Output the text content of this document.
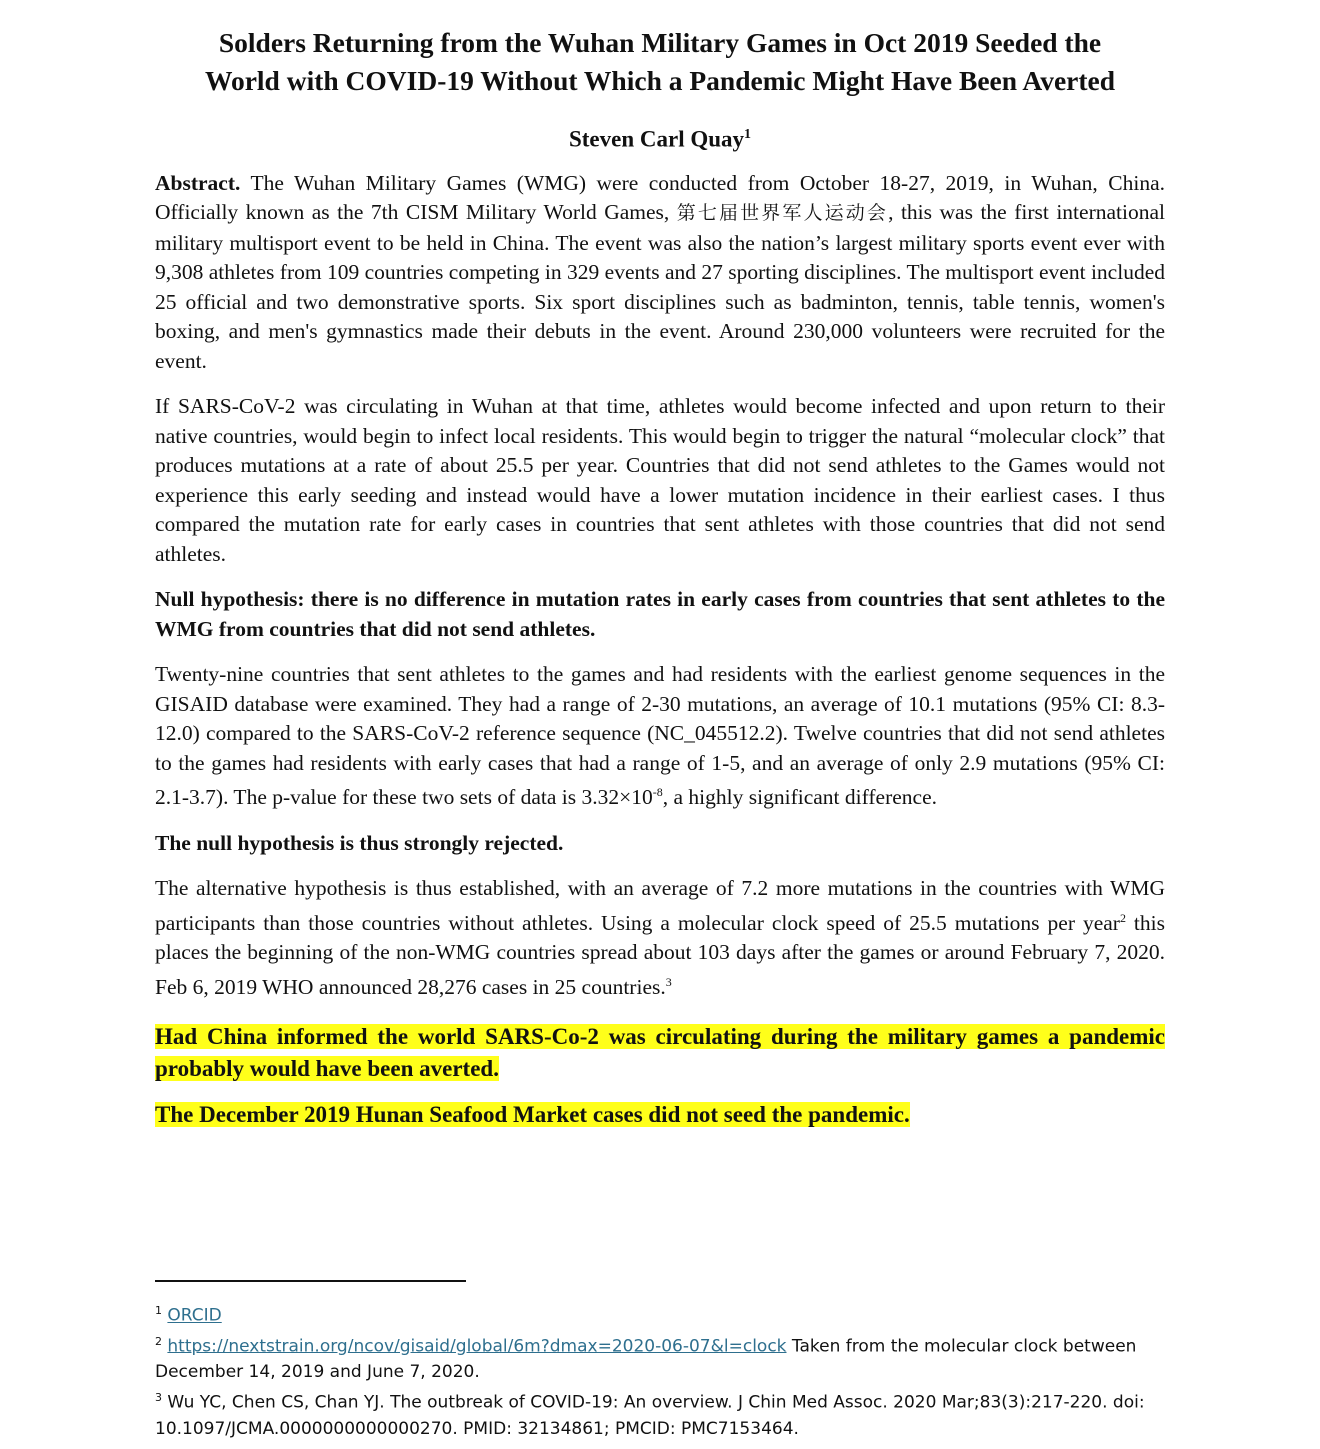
Solders Returning from the Wuhan Military Games in Oct 2019 Seeded the
World with COVID-19 Without Which a Pandemic Might Have Been Averted
Steven Carl Quay$^1$

Abstract. The Wuhan Military Games (WMG) were conducted from October 18-27, 2019, in Wuhan, China. Officially known as the 7th CISM Military World Games, 第七届世界军人运动会, this was the first international military multisport event to be held in China. The event was also the nation’s largest military sports event ever with 9,308 athletes from 109 countries competing in 329 events and 27 sporting disciplines. The multisport event included 25 official and two demonstrative sports. Six sport disciplines such as badminton, tennis, table tennis, women's boxing, and men's gymnastics made their debuts in the event. Around 230,000 volunteers were recruited for the event.

If SARS-CoV-2 was circulating in Wuhan at that time, athletes would become infected and upon return to their native countries, would begin to infect local residents. This would begin to trigger the natural “molecular clock” that produces mutations at a rate of about 25.5 per year. Countries that did not send athletes to the Games would not experience this early seeding and instead would have a lower mutation incidence in their earliest cases. I thus compared the mutation rate for early cases in countries that sent athletes with those countries that did not send athletes.

Null hypothesis: there is no difference in mutation rates in early cases from countries that sent athletes to the WMG from countries that did not send athletes.

Twenty-nine countries that sent athletes to the games and had residents with the earliest genome sequences in the GISAID database were examined. They had a range of 2-30 mutations, an average of 10.1 mutations (95% CI: 8.3-12.0) compared to the SARS-CoV-2 reference sequence (NC_045512.2). Twelve countries that did not send athletes to the games had residents with early cases that had a range of 1-5, and an average of only 2.9 mutations (95% CI: 2.1-3.7). The p-value for these two sets of data is $3.32\times 10^{-8}$, a highly significant difference.

The null hypothesis is thus strongly rejected.

The alternative hypothesis is thus established, with an average of 7.2 more mutations in the countries with WMG participants than those countries without athletes. Using a molecular clock speed of 25.5 mutations per year$^2$ this places the beginning of the non-WMG countries spread about 103 days after the games or around February 7, 2020. Feb 6, 2019 WHO announced 28,276 cases in 25 countries.$^3$

Had China informed the world SARS-Co-2 was circulating during the military games a pandemic probably would have been averted.
The December 2019 Hunan Seafood Market cases did not seed the pandemic.
$^1$ ORCID
$^2$ https://nextstrain.org/ncov/gisaid/global/6m?dmax=2020-06-07&l=clock Taken from the molecular clock between December 14, 2019 and June 7, 2020.
$^3$ Wu YC, Chen CS, Chan YJ. The outbreak of COVID-19: An overview. J Chin Med Assoc. 2020 Mar;83(3):217-220. doi: 10.1097/JCMA.0000000000000270. PMID: 32134861; PMCID: PMC7153464.
